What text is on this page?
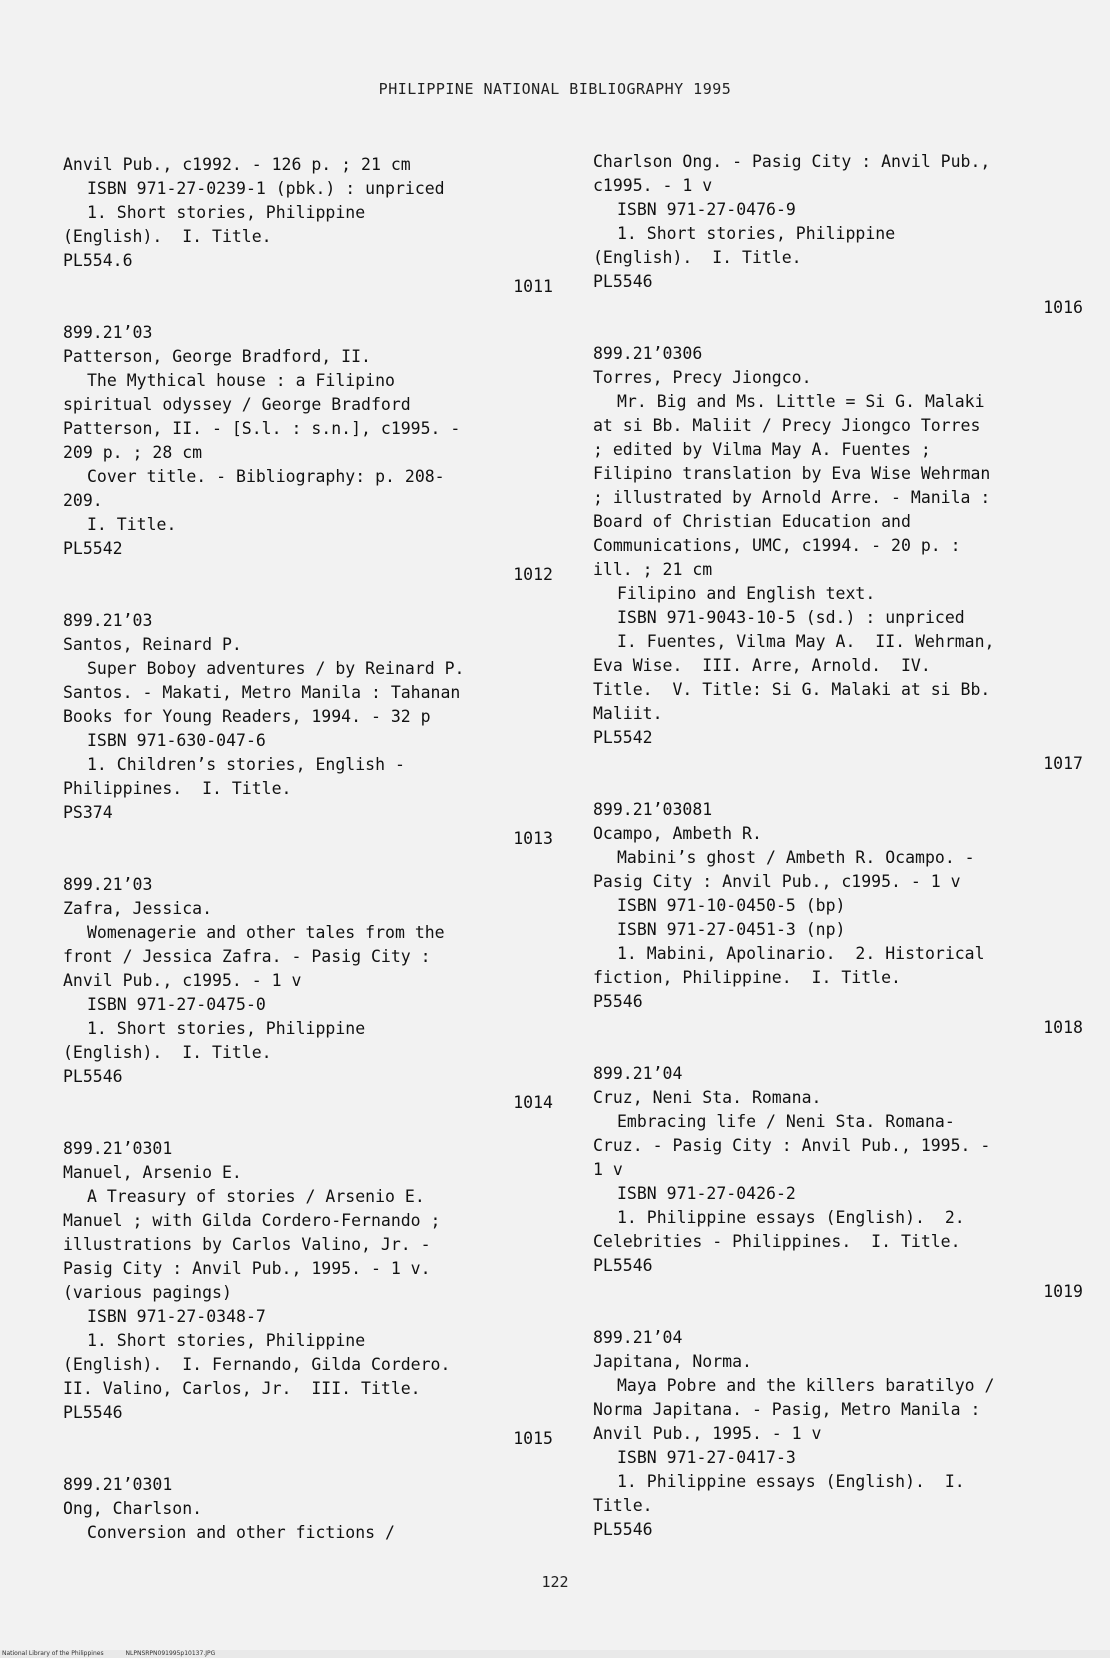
PHILIPPINE NATIONAL BIBLIOGRAPHY 1995
Anvil Pub., c1992. - 126 p. ; 21 cm
ISBN 971-27-0239-1 (pbk.) : unpriced
1. Short stories, Philippine
(English).  I. Title.
PL554.6
1011
899.21’03
Patterson, George Bradford, II.
The Mythical house : a Filipino
spiritual odyssey / George Bradford
Patterson, II. - [S.l. : s.n.], c1995. -
209 p. ; 28 cm
Cover title. - Bibliography: p. 208-
209.
I. Title.
PL5542
1012
899.21’03
Santos, Reinard P.
Super Boboy adventures / by Reinard P.
Santos. - Makati, Metro Manila : Tahanan
Books for Young Readers, 1994. - 32 p
ISBN 971-630-047-6
1. Children’s stories, English -
Philippines.  I. Title.
PS374
1013
899.21’03
Zafra, Jessica.
Womenagerie and other tales from the
front / Jessica Zafra. - Pasig City :
Anvil Pub., c1995. - 1 v
ISBN 971-27-0475-0
1. Short stories, Philippine
(English).  I. Title.
PL5546
1014
899.21’0301
Manuel, Arsenio E.
A Treasury of stories / Arsenio E.
Manuel ; with Gilda Cordero-Fernando ;
illustrations by Carlos Valino, Jr. -
Pasig City : Anvil Pub., 1995. - 1 v.
(various pagings)
ISBN 971-27-0348-7
1. Short stories, Philippine
(English).  I. Fernando, Gilda Cordero.
II. Valino, Carlos, Jr.  III. Title.
PL5546
1015
899.21’0301
Ong, Charlson.
Conversion and other fictions /
Charlson Ong. - Pasig City : Anvil Pub.,
c1995. - 1 v
ISBN 971-27-0476-9
1. Short stories, Philippine
(English).  I. Title.
PL5546
1016
899.21’0306
Torres, Precy Jiongco.
Mr. Big and Ms. Little = Si G. Malaki
at si Bb. Maliit / Precy Jiongco Torres
; edited by Vilma May A. Fuentes ;
Filipino translation by Eva Wise Wehrman
; illustrated by Arnold Arre. - Manila :
Board of Christian Education and
Communications, UMC, c1994. - 20 p. :
ill. ; 21 cm
Filipino and English text.
ISBN 971-9043-10-5 (sd.) : unpriced
I. Fuentes, Vilma May A.  II. Wehrman,
Eva Wise.  III. Arre, Arnold.  IV.
Title.  V. Title: Si G. Malaki at si Bb.
Maliit.
PL5542
1017
899.21’03081
Ocampo, Ambeth R.
Mabini’s ghost / Ambeth R. Ocampo. -
Pasig City : Anvil Pub., c1995. - 1 v
ISBN 971-10-0450-5 (bp)
ISBN 971-27-0451-3 (np)
1. Mabini, Apolinario.  2. Historical
fiction, Philippine.  I. Title.
P5546
1018
899.21’04
Cruz, Neni Sta. Romana.
Embracing life / Neni Sta. Romana-
Cruz. - Pasig City : Anvil Pub., 1995. -
1 v
ISBN 971-27-0426-2
1. Philippine essays (English).  2.
Celebrities - Philippines.  I. Title.
PL5546
1019
899.21’04
Japitana, Norma.
Maya Pobre and the killers baratilyo /
Norma Japitana. - Pasig, Metro Manila :
Anvil Pub., 1995. - 1 v
ISBN 971-27-0417-3
1. Philippine essays (English).  I.
Title.
PL5546
122
National Library of the Philippines	NLPNSRPN091995p10137.JPG
